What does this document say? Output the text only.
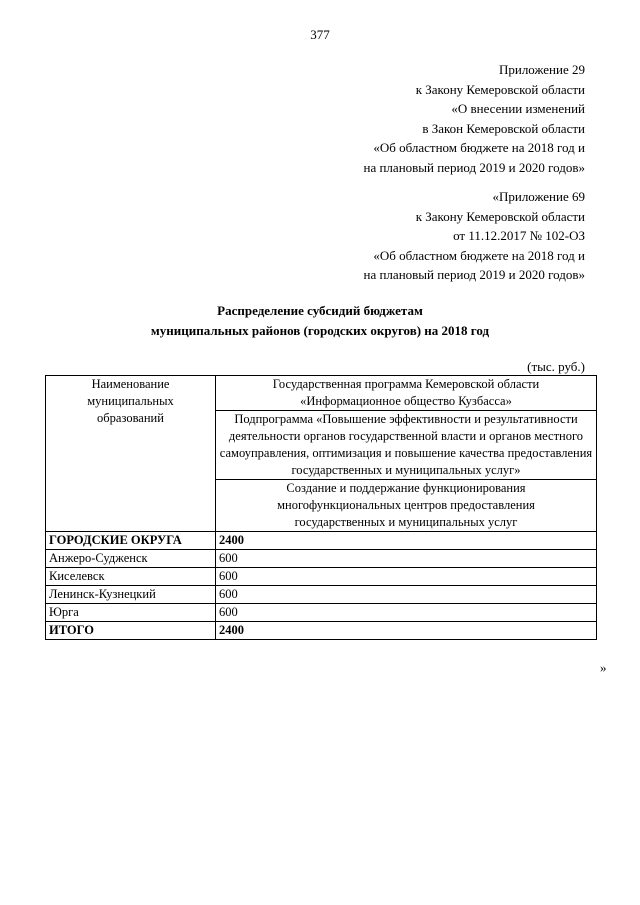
377
Приложение 29
к Закону Кемеровской области
«О внесении изменений
в Закон Кемеровской области
«Об областном бюджете на 2018 год и
на плановый период 2019 и 2020 годов»
«Приложение 69
к Закону Кемеровской области
от 11.12.2017 № 102-ОЗ
«Об областном бюджете на 2018 год и
на плановый период 2019 и 2020 годов»
Распределение субсидий бюджетам
муниципальных районов (городских округов) на 2018 год
(тыс. руб.)
Наименование муниципальных образований	Государственная программа Кемеровской области «Информационное общество Кузбасса»

	Подпрограмма «Повышение эффективности и результативности деятельности органов государственной власти и органов местного самоуправления, оптимизация и повышение качества предоставления государственных и муниципальных услуг»

	Создание и поддержание функционирования многофункциональных центров предоставления государственных и муниципальных услуг

ГОРОДСКИЕ ОКРУГА	2400
Анжеро-Судженск	600
Киселевск	600
Ленинск-Кузнецкий	600
Юрга	600
ИТОГО	2400
»
